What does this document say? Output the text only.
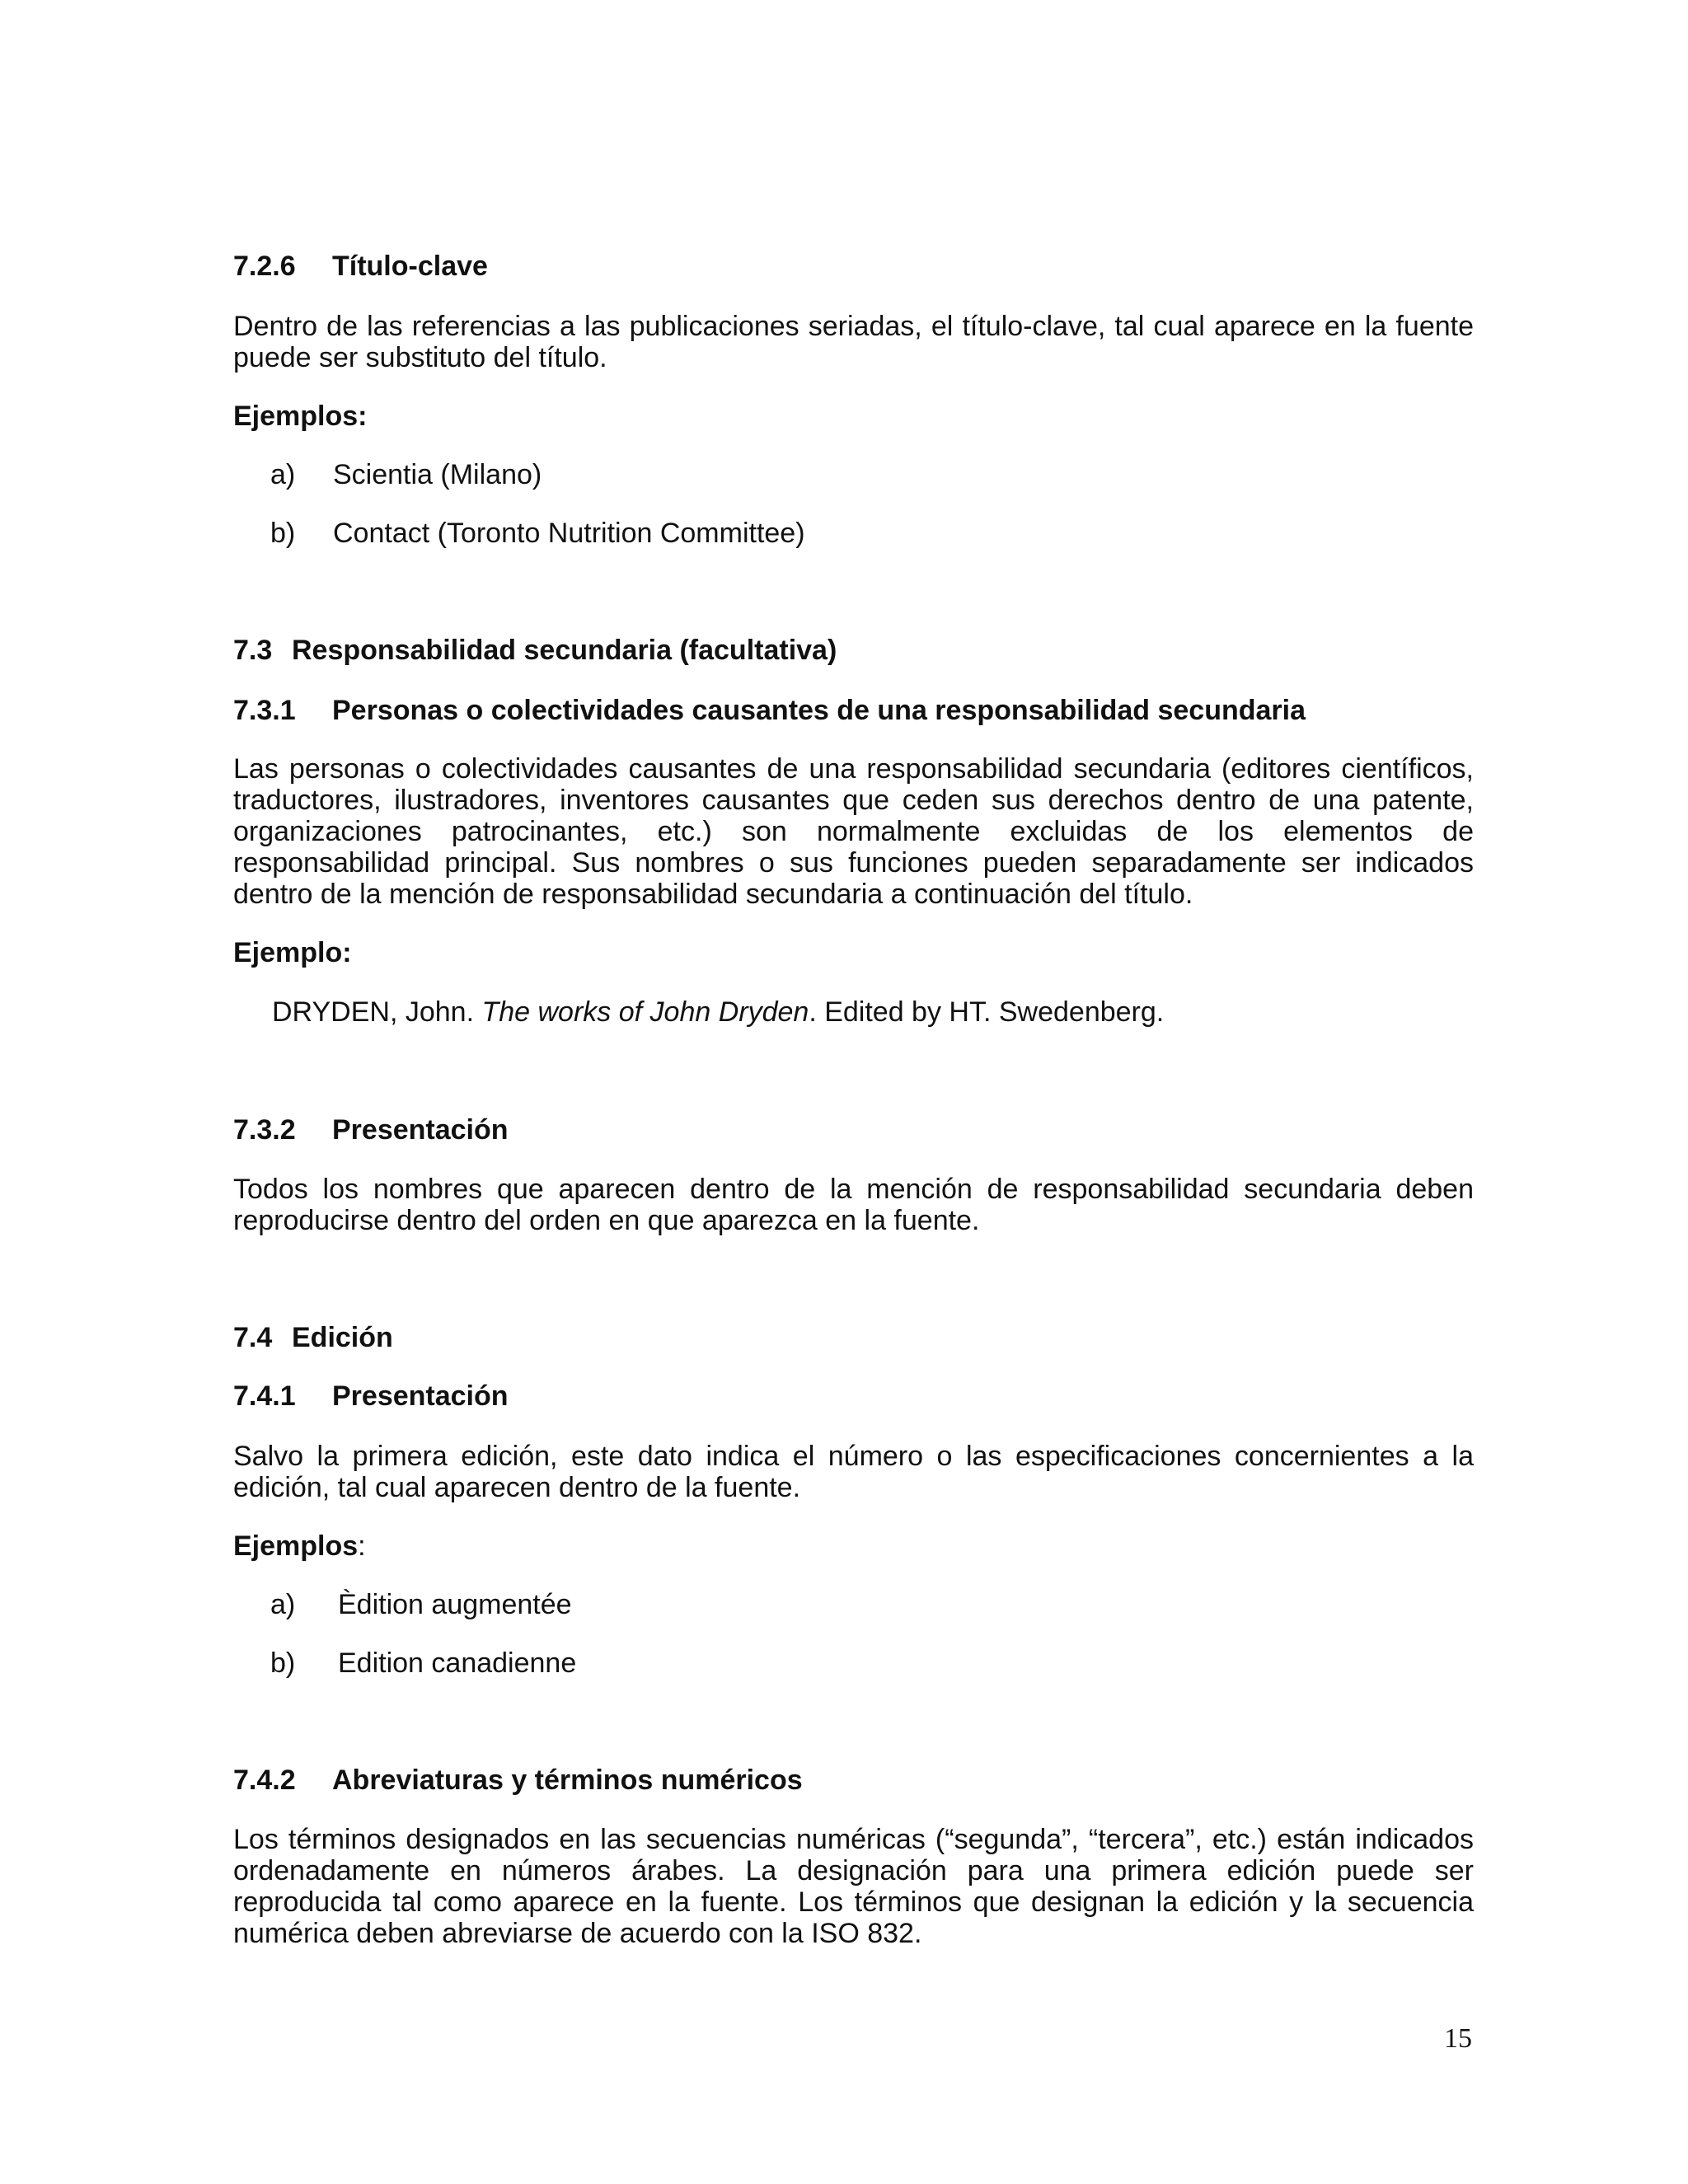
7.2.6 Título-clave

Dentro de las referencias a las publicaciones seriadas, el título-clave, tal cual aparece en la fuente puede ser substituto del título.

Ejemplos:
a) Scientia (Milano)
b) Contact (Toronto Nutrition Committee)
7.3 Responsabilidad secundaria (facultativa)
7.3.1 Personas o colectividades causantes de una responsabilidad secundaria

Las personas o colectividades causantes de una responsabilidad secundaria (editores científicos, traductores, ilustradores, inventores causantes que ceden sus derechos dentro de una patente, organizaciones patrocinantes, etc.) son normalmente excluidas de los elementos de responsabilidad principal. Sus nombres o sus funciones pueden separadamente ser indicados dentro de la mención de responsabilidad secundaria a continuación del título.

Ejemplo:
DRYDEN, John. The works of John Dryden. Edited by HT. Swedenberg.
7.3.2 Presentación

Todos los nombres que aparecen dentro de la mención de responsabilidad secundaria deben reproducirse dentro del orden en que aparezca en la fuente.

7.4 Edición
7.4.1 Presentación

Salvo la primera edición, este dato indica el número o las especificaciones concernientes a la edición, tal cual aparecen dentro de la fuente.

Ejemplos:
a) Èdition augmentée
b) Edition canadienne
7.4.2 Abreviaturas y términos numéricos

Los términos designados en las secuencias numéricas (“segunda”, “tercera”, etc.) están indicados ordenadamente en números árabes. La designación para una primera edición puede ser reproducida tal como aparece en la fuente. Los términos que designan la edición y la secuencia numérica deben abreviarse de acuerdo con la ISO 832.

15
